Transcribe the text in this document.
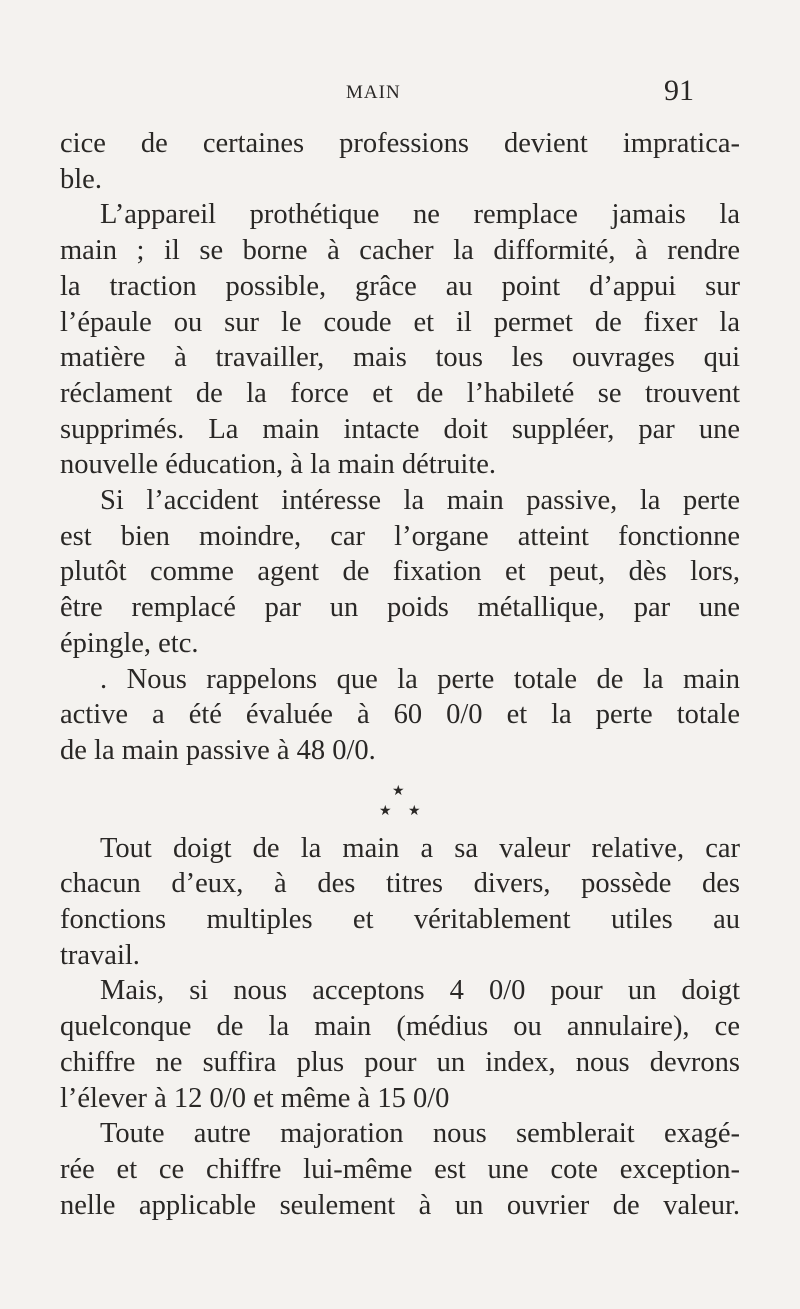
MAIN	91

cice de certaines professions devient impratica-
ble.

L’appareil prothétique ne remplace jamais la
main ; il se borne à cacher la difformité, à rendre
la traction possible, grâce au point d’appui sur
l’épaule ou sur le coude et il permet de fixer la
matière à travailler, mais tous les ouvrages qui
réclament de la force et de l’habileté se trouvent
supprimés. La main intacte doit suppléer, par une
nouvelle éducation, à la main détruite.

Si l’accident intéresse la main passive, la perte
est bien moindre, car l’organe atteint fonctionne
plutôt comme agent de fixation et peut, dès lors,
être remplacé par un poids métallique, par une
épingle, etc.

. Nous rappelons que la perte totale de la main
active a été évaluée à 60 0/0 et la perte totale
de la main passive à 48 0/0.

★
★ ★

Tout doigt de la main a sa valeur relative, car
chacun d’eux, à des titres divers, possède des
fonctions multiples et véritablement utiles au
travail.

Mais, si nous acceptons 4 0/0 pour un doigt
quelconque de la main (médius ou annulaire), ce
chiffre ne suffira plus pour un index, nous devrons
l’élever à 12 0/0 et même à 15 0/0

Toute autre majoration nous semblerait exagé-
rée et ce chiffre lui-même est une cote exception-
nelle applicable seulement à un ouvrier de valeur.
